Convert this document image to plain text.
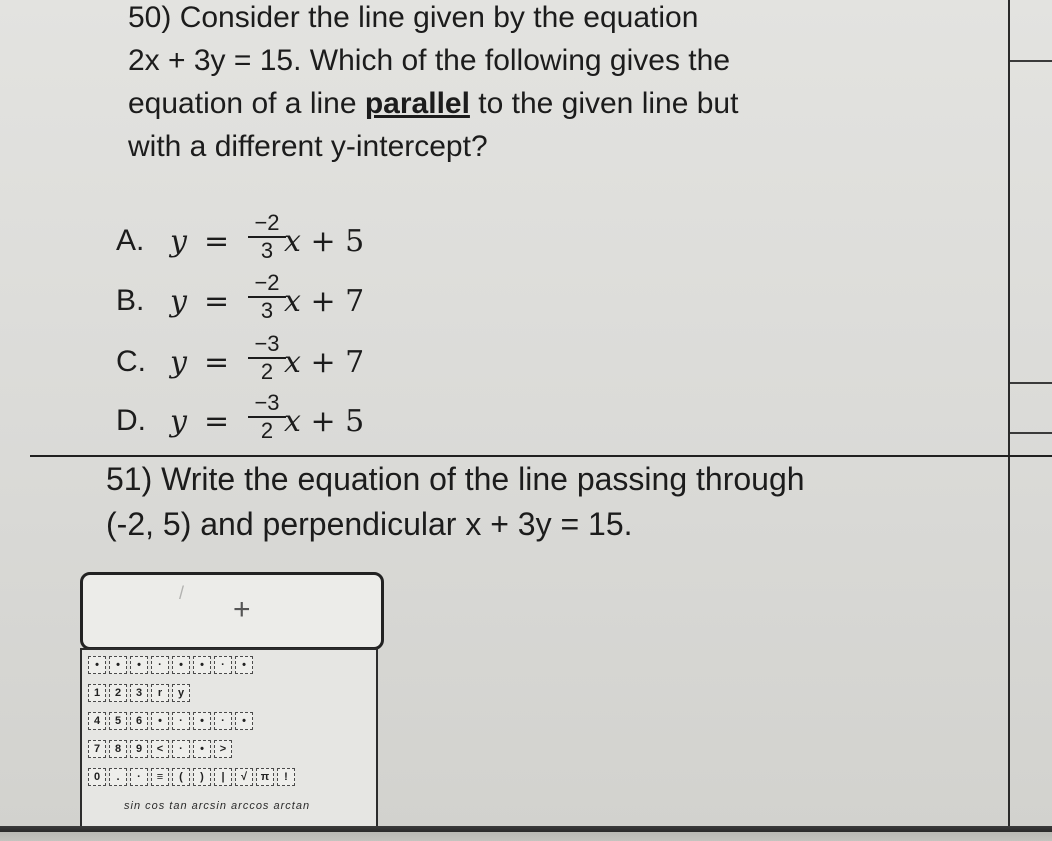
50) Consider the line given by the equation
2x + 3y = 15. Which of the following gives the
equation of a line parallel to the given line but
with a different y-intercept?
A. y =
−2
3 x + 5
B. y =
−2
3 x + 7
C. y =
−3
2 x + 7
D. y =
−3
2 x + 5
51) Write the equation of the line passing through
(-2, 5) and perpendicular x + 3y = 15.
/ +
•	•	•	·	•	•	·	•
1	2	3	r	y
4	5	6	•	·	•	·	•
7	8	9	<	·	•	>
0	.	·	≡	(	)	|	√	π	!
sin cos tan arcsin arccos arctan
